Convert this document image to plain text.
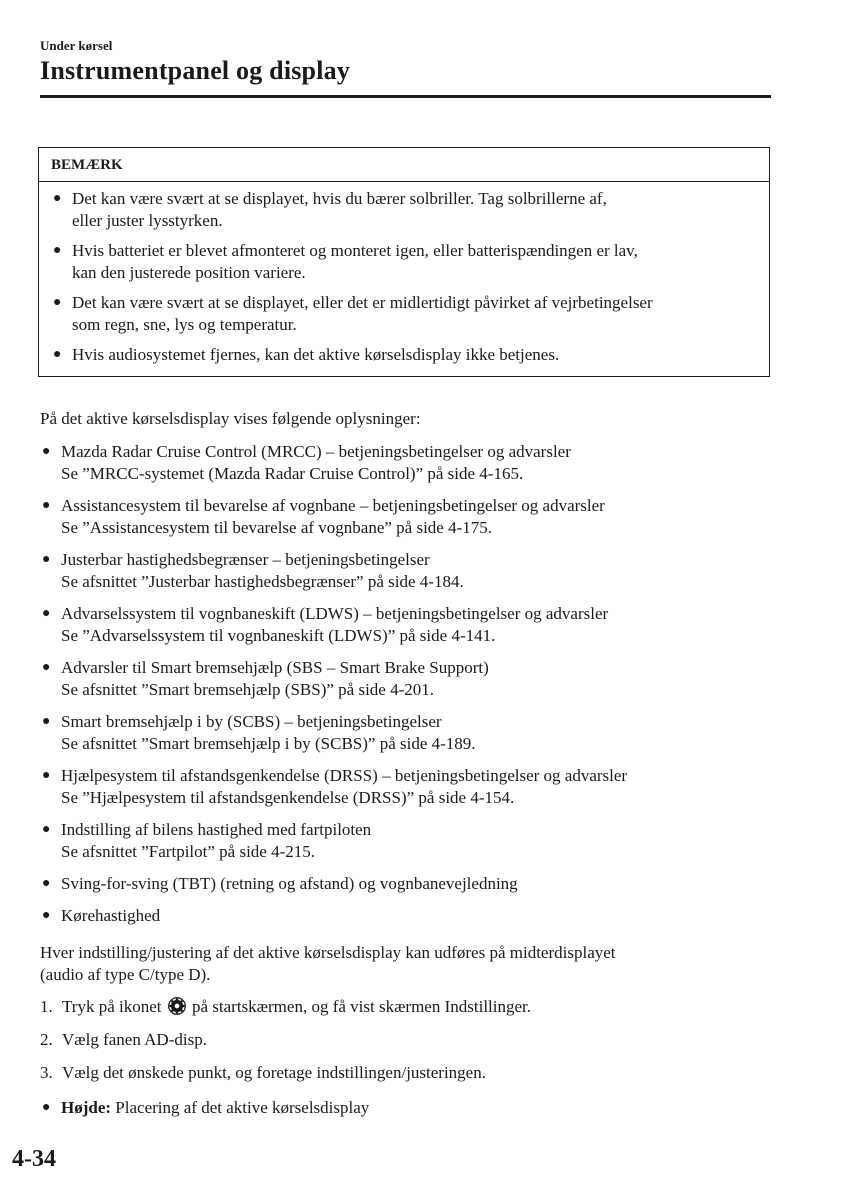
Under kørsel
Instrumentpanel og display
BEMÆRK
● Det kan være svært at se displayet, hvis du bærer solbriller. Tag solbrillerne af,
eller juster lysstyrken.
● Hvis batteriet er blevet afmonteret og monteret igen, eller batterispændingen er lav,
kan den justerede position variere.
● Det kan være svært at se displayet, eller det er midlertidigt påvirket af vejrbetingelser
som regn, sne, lys og temperatur.
● Hvis audiosystemet fjernes, kan det aktive kørselsdisplay ikke betjenes.
På det aktive kørselsdisplay vises følgende oplysninger:
● Mazda Radar Cruise Control (MRCC) – betjeningsbetingelser og advarsler
Se ”MRCC-systemet (Mazda Radar Cruise Control)” på side 4-165.
● Assistancesystem til bevarelse af vognbane – betjeningsbetingelser og advarsler
Se ”Assistancesystem til bevarelse af vognbane” på side 4-175.
● Justerbar hastighedsbegrænser – betjeningsbetingelser
Se afsnittet ”Justerbar hastighedsbegrænser” på side 4-184.
● Advarselssystem til vognbaneskift (LDWS) – betjeningsbetingelser og advarsler
Se ”Advarselssystem til vognbaneskift (LDWS)” på side 4-141.
● Advarsler til Smart bremsehjælp (SBS – Smart Brake Support)
Se afsnittet ”Smart bremsehjælp (SBS)” på side 4-201.
● Smart bremsehjælp i by (SCBS) – betjeningsbetingelser
Se afsnittet ”Smart bremsehjælp i by (SCBS)” på side 4-189.
● Hjælpesystem til afstandsgenkendelse (DRSS) – betjeningsbetingelser og advarsler
Se ”Hjælpesystem til afstandsgenkendelse (DRSS)” på side 4-154.
● Indstilling af bilens hastighed med fartpiloten
Se afsnittet ”Fartpilot” på side 4-215.
● Sving-for-sving (TBT) (retning og afstand) og vognbanevejledning
● Kørehastighed
Hver indstilling/justering af det aktive kørselsdisplay kan udføres på midterdisplayet
(audio af type C/type D).
1. Tryk på ikonet på startskærmen, og få vist skærmen Indstillinger.
2. Vælg fanen AD-disp.
3. Vælg det ønskede punkt, og foretage indstillingen/justeringen.
● Højde: Placering af det aktive kørselsdisplay
4-34
